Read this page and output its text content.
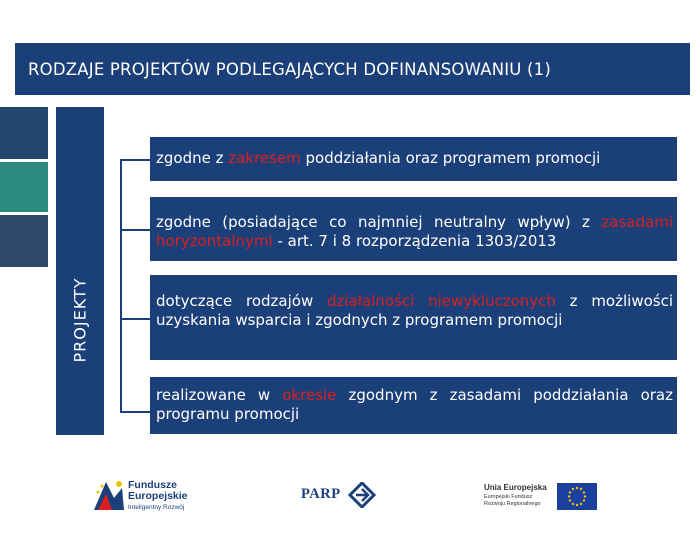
RODZAJE PROJEKTÓW PODLEGAJĄCYCH DOFINANSOWANIU (1)
PROJEKTY
zgodne z zakresem poddziałania oraz programem promocji
zgodne (posiadające co najmniej neutralny wpływ) z zasadami horyzontalnymi - art. 7 i 8 rozporządzenia 1303/2013
dotyczące rodzajów działalności niewykluczonych z możliwości uzyskania wsparcia i zgodnych z programem promocji
realizowane w okresie zgodnym z zasadami poddziałania oraz programu promocji
Fundusze
Europejskie
Inteligentny Rozwój
PARP	Unia Europejska
Europejski Fundusz Rozwoju Regionalnego
